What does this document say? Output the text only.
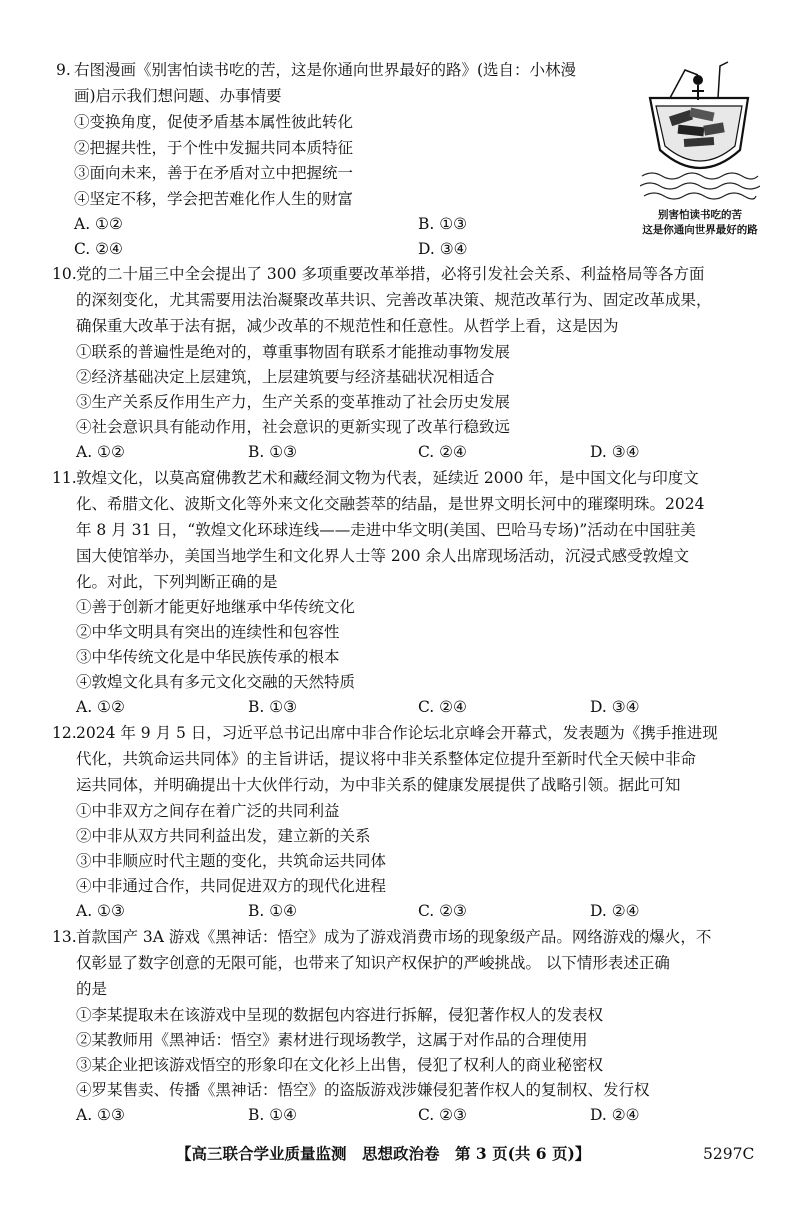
9. 右图漫画《别害怕读书吃的苦，这是你通向世界最好的路》(选自：小林漫
画)启示我们想问题、办事情要
①变换角度，促使矛盾基本属性彼此转化
②把握共性，于个性中发掘共同本质特征
③面向未来，善于在矛盾对立中把握统一
④坚定不移，学会把苦难化作人生的财富
A. ①②	B. ①③
C. ②④	D. ③④
别害怕读书吃的苦
这是你通向世界最好的路
10. 党的二十届三中全会提出了 300 多项重要改革举措，必将引发社会关系、利益格局等各方面
的深刻变化，尤其需要用法治凝聚改革共识、完善改革决策、规范改革行为、固定改革成果，
确保重大改革于法有据，减少改革的不规范性和任意性。从哲学上看，这是因为
①联系的普遍性是绝对的，尊重事物固有联系才能推动事物发展
②经济基础决定上层建筑，上层建筑要与经济基础状况相适合
③生产关系反作用生产力，生产关系的变革推动了社会历史发展
④社会意识具有能动作用，社会意识的更新实现了改革行稳致远
A. ①②	B. ①③	C. ②④	D. ③④
11. 敦煌文化，以莫高窟佛教艺术和藏经洞文物为代表，延续近 2000 年，是中国文化与印度文
化、希腊文化、波斯文化等外来文化交融荟萃的结晶，是世界文明长河中的璀璨明珠。2024
年 8 月 31 日，“敦煌文化环球连线——走进中华文明(美国、巴哈马专场)”活动在中国驻美
国大使馆举办，美国当地学生和文化界人士等 200 余人出席现场活动，沉浸式感受敦煌文
化。对此，下列判断正确的是
①善于创新才能更好地继承中华传统文化
②中华文明具有突出的连续性和包容性
③中华传统文化是中华民族传承的根本
④敦煌文化具有多元文化交融的天然特质
A. ①②	B. ①③	C. ②④	D. ③④
12. 2024 年 9 月 5 日，习近平总书记出席中非合作论坛北京峰会开幕式，发表题为《携手推进现
代化，共筑命运共同体》的主旨讲话，提议将中非关系整体定位提升至新时代全天候中非命
运共同体，并明确提出十大伙伴行动，为中非关系的健康发展提供了战略引领。据此可知
①中非双方之间存在着广泛的共同利益
②中非从双方共同利益出发，建立新的关系
③中非顺应时代主题的变化，共筑命运共同体
④中非通过合作，共同促进双方的现代化进程
A. ①③	B. ①④	C. ②③	D. ②④
13. 首款国产 3A 游戏《黑神话：悟空》成为了游戏消费市场的现象级产品。网络游戏的爆火，不
仅彰显了数字创意的无限可能，也带来了知识产权保护的严峻挑战。 以下情形表述正确
的是
①李某提取未在该游戏中呈现的数据包内容进行拆解，侵犯著作权人的发表权
②某教师用《黑神话：悟空》素材进行现场教学，这属于对作品的合理使用
③某企业把该游戏悟空的形象印在文化衫上出售，侵犯了权利人的商业秘密权
④罗某售卖、传播《黑神话：悟空》的盗版游戏涉嫌侵犯著作权人的复制权、发行权
A. ①③	B. ①④	C. ②③	D. ②④
【高三联合学业质量监测　思想政治卷　第 3 页(共 6 页)】	5297C
